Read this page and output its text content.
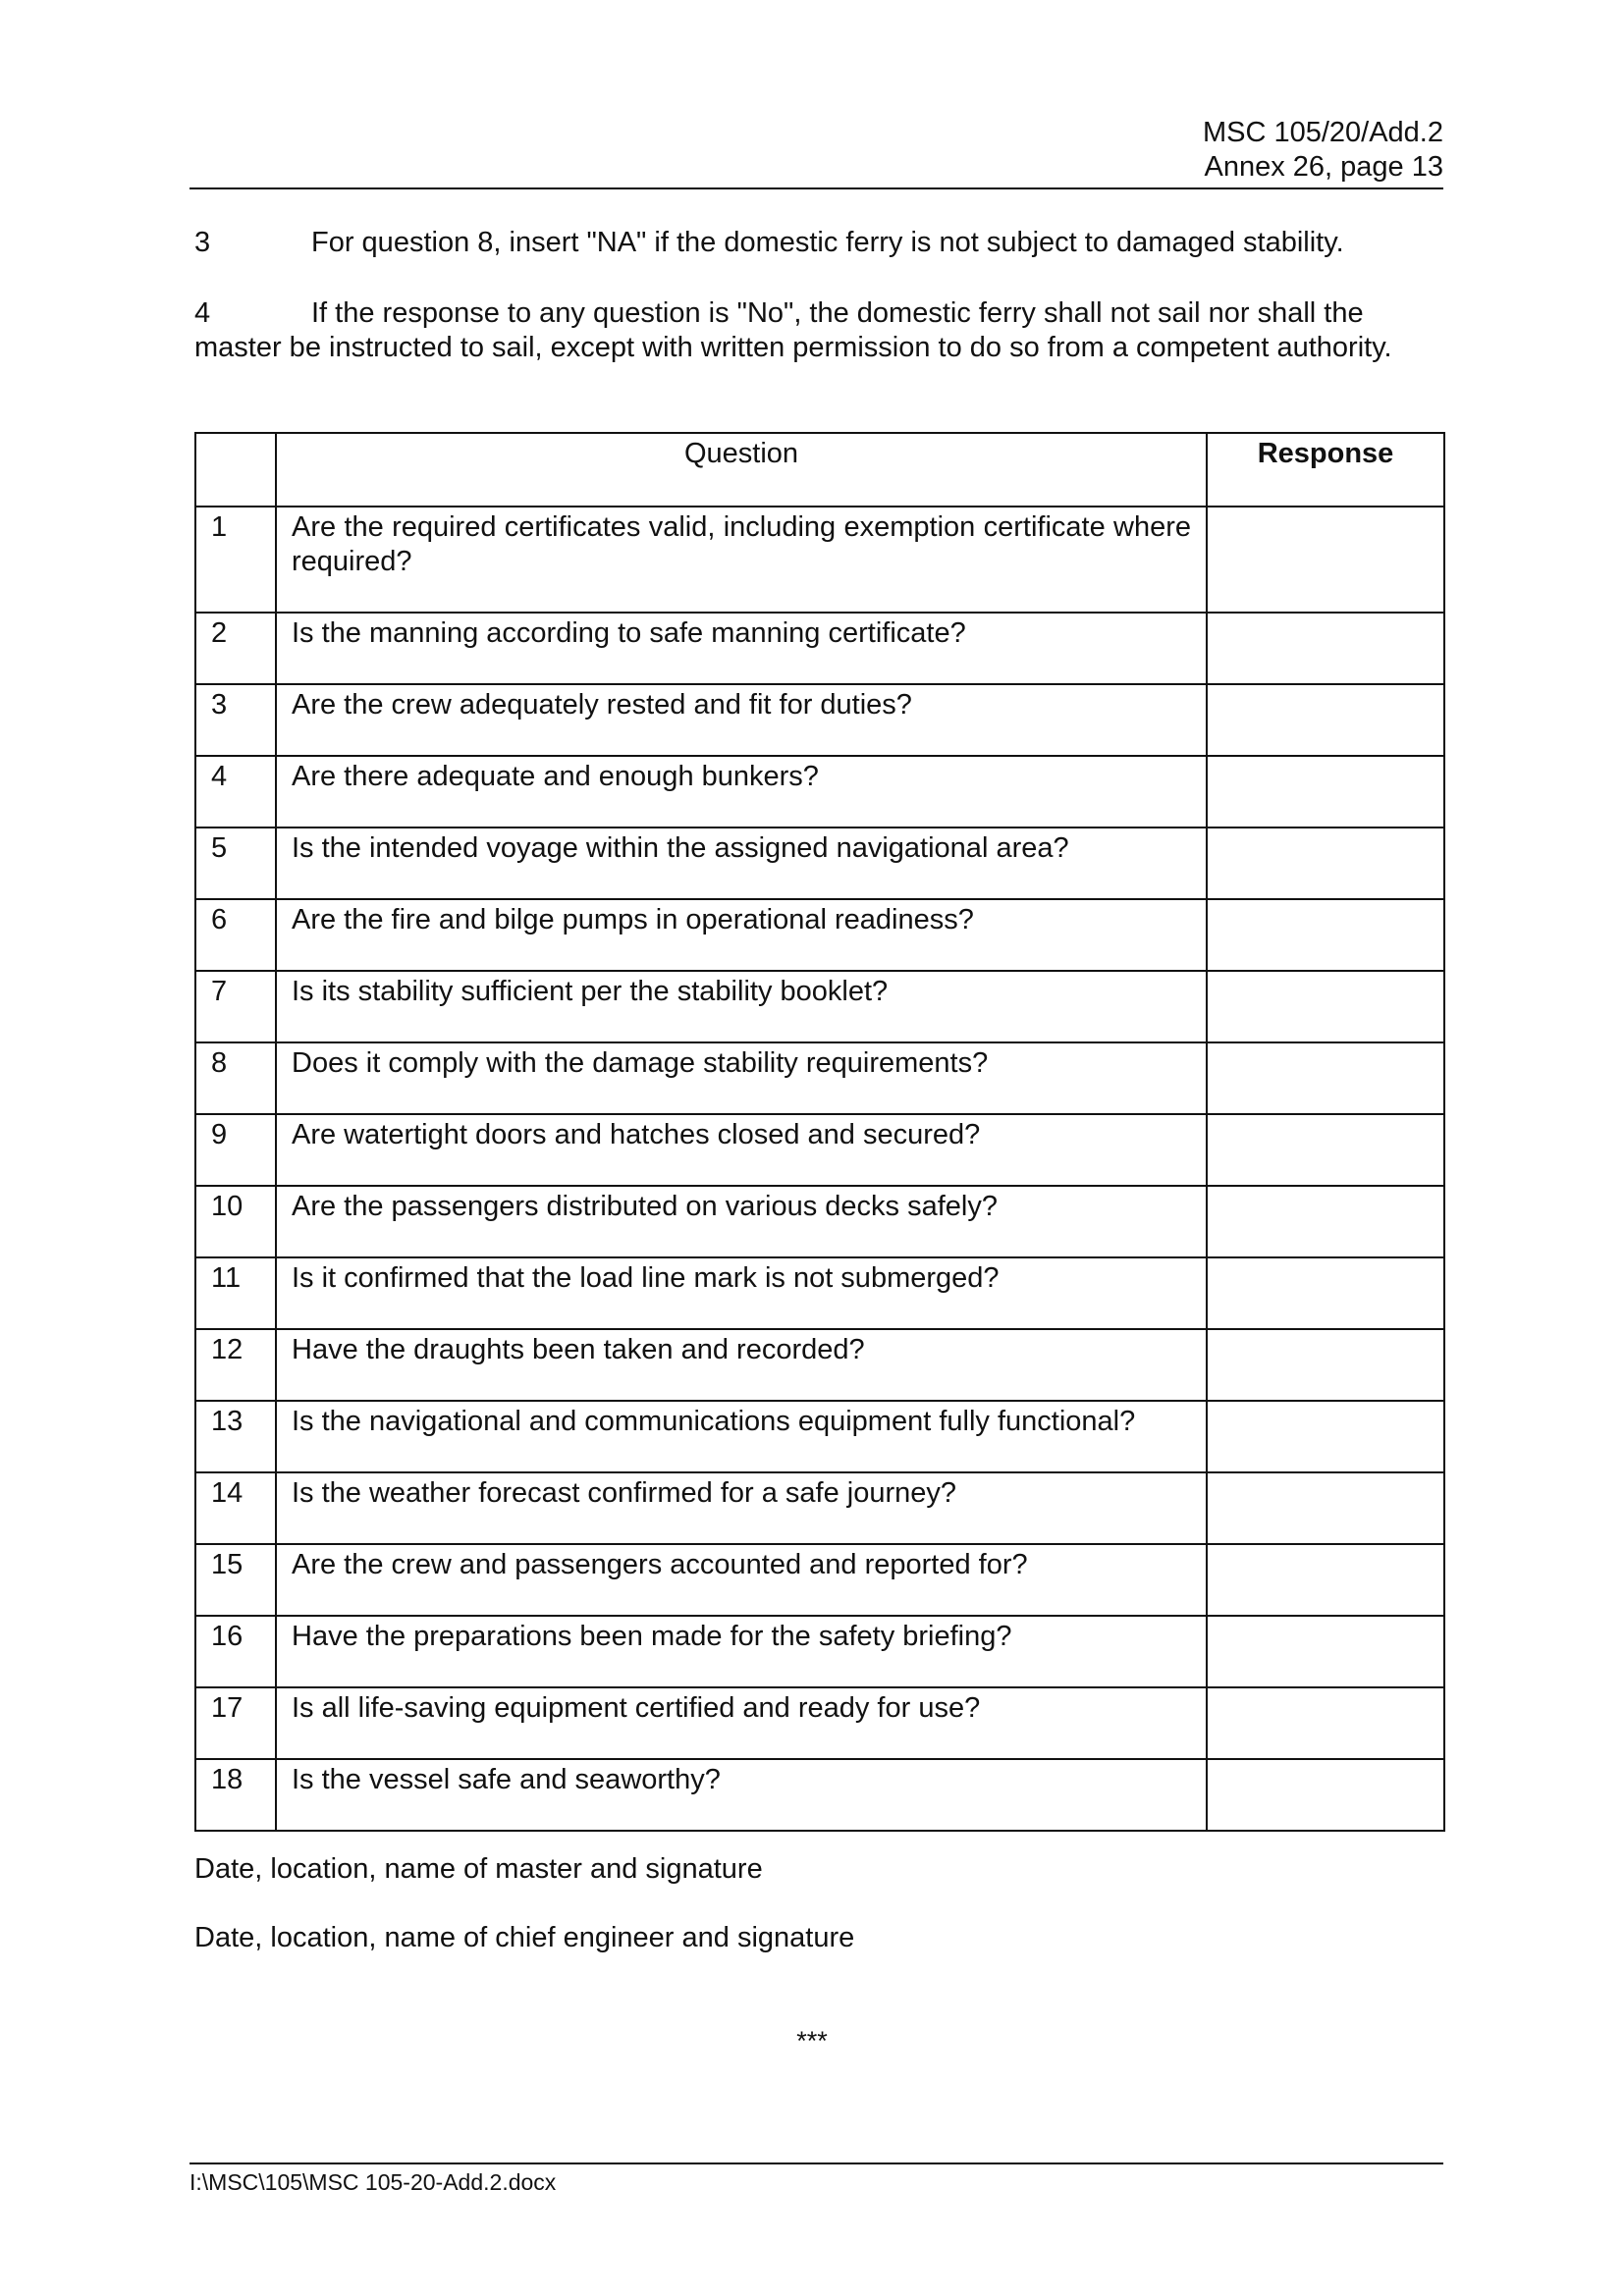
MSC 105/20/Add.2
Annex 26, page 13
3	For question 8, insert "NA" if the domestic ferry is not subject to damaged stability.
4	If the response to any question is "No", the domestic ferry shall not sail nor shall the master be instructed to sail, except with written permission to do so from a competent authority.
	Question	Response
1	Are the required certificates valid, including exemption certificate where required?	
2	Is the manning according to safe manning certificate?	
3	Are the crew adequately rested and fit for duties?	
4	Are there adequate and enough bunkers?	
5	Is the intended voyage within the assigned navigational area?	
6	Are the fire and bilge pumps in operational readiness?	
7	Is its stability sufficient per the stability booklet?	
8	Does it comply with the damage stability requirements?	
9	Are watertight doors and hatches closed and secured?	
10	Are the passengers distributed on various decks safely?	
11	Is it confirmed that the load line mark is not submerged?	
12	Have the draughts been taken and recorded?	
13	Is the navigational and communications equipment fully functional?	
14	Is the weather forecast confirmed for a safe journey?	
15	Are the crew and passengers accounted and reported for?	
16	Have the preparations been made for the safety briefing?	
17	Is all life-saving equipment certified and ready for use?	
18	Is the vessel safe and seaworthy?	
Date, location, name of master and signature
Date, location, name of chief engineer and signature
***
I:\MSC\105\MSC 105-20-Add.2.docx
